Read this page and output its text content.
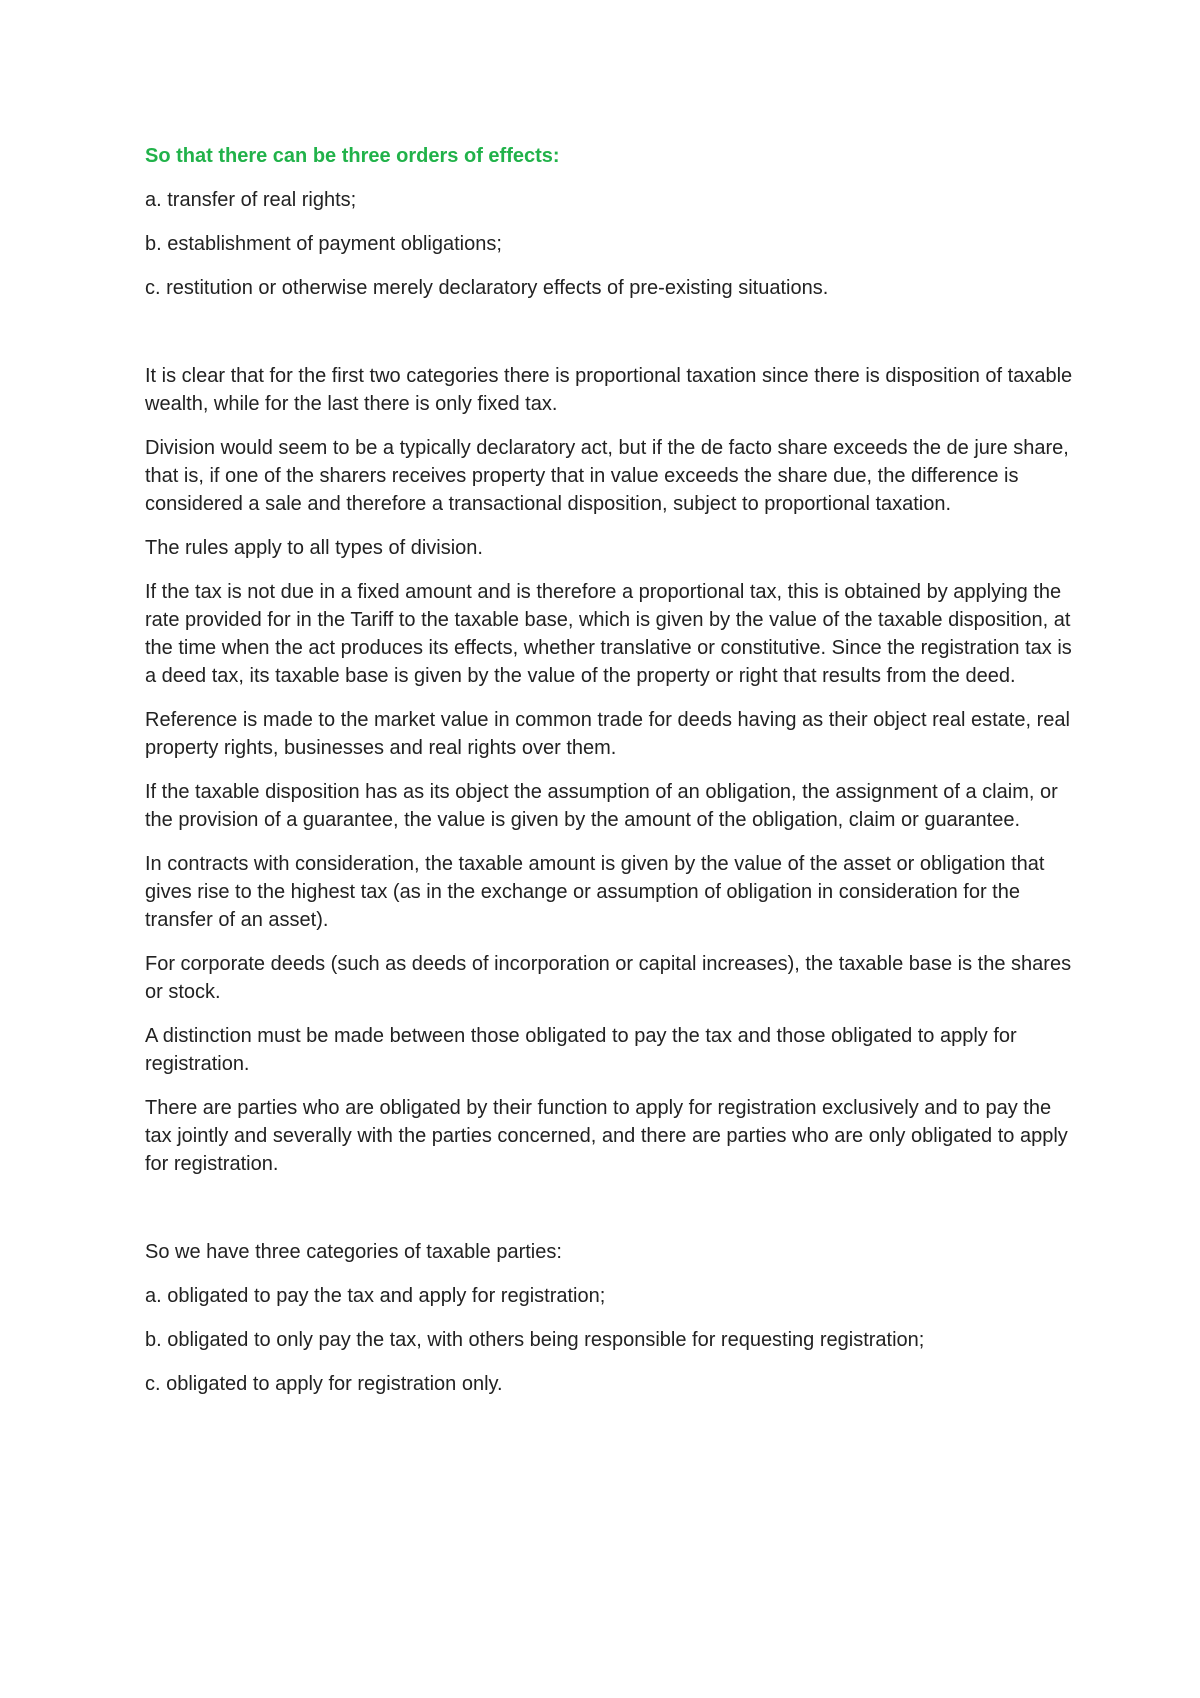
So that there can be three orders of effects:

a. transfer of real rights;

b. establishment of payment obligations;

c. restitution or otherwise merely declaratory effects of pre-existing situations.

It is clear that for the first two categories there is proportional taxation since there is disposition of taxable wealth, while for the last there is only fixed tax.

Division would seem to be a typically declaratory act, but if the de facto share exceeds the de jure share, that is, if one of the sharers receives property that in value exceeds the share due, the difference is considered a sale and therefore a transactional disposition, subject to proportional taxation.

The rules apply to all types of division.

If the tax is not due in a fixed amount and is therefore a proportional tax, this is obtained by applying the rate provided for in the Tariff to the taxable base, which is given by the value of the taxable disposition, at the time when the act produces its effects, whether translative or constitutive. Since the registration tax is a deed tax, its taxable base is given by the value of the property or right that results from the deed.

Reference is made to the market value in common trade for deeds having as their object real estate, real property rights, businesses and real rights over them.

If the taxable disposition has as its object the assumption of an obligation, the assignment of a claim, or the provision of a guarantee, the value is given by the amount of the obligation, claim or guarantee.

In contracts with consideration, the taxable amount is given by the value of the asset or obligation that gives rise to the highest tax (as in the exchange or assumption of obligation in consideration for the transfer of an asset).

For corporate deeds (such as deeds of incorporation or capital increases), the taxable base is the shares or stock.

A distinction must be made between those obligated to pay the tax and those obligated to apply for registration.

There are parties who are obligated by their function to apply for registration exclusively and to pay the tax jointly and severally with the parties concerned, and there are parties who are only obligated to apply for registration.

So we have three categories of taxable parties:

a. obligated to pay the tax and apply for registration;

b. obligated to only pay the tax, with others being responsible for requesting registration;

c. obligated to apply for registration only.
